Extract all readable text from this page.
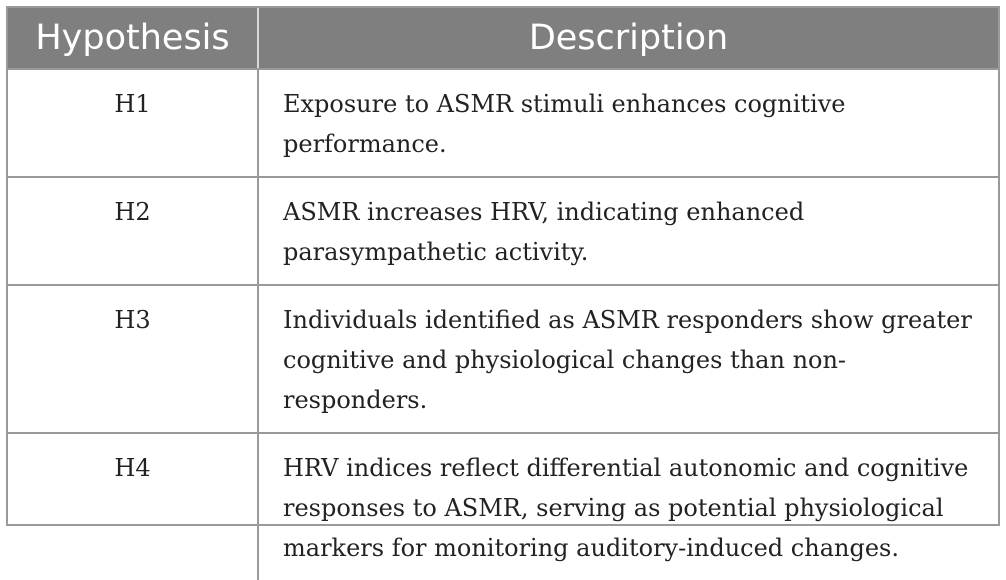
Hypothesis	Description
H1	Exposure to ASMR stimuli enhances cognitive performance.
H2	ASMR increases HRV, indicating enhanced parasympathetic activity.
H3	Individuals identified as ASMR responders show greater cognitive and physiological changes than non-responders.
H4	HRV indices reflect differential autonomic and cognitive responses to ASMR, serving as potential physiological markers for monitoring auditory-induced changes.
